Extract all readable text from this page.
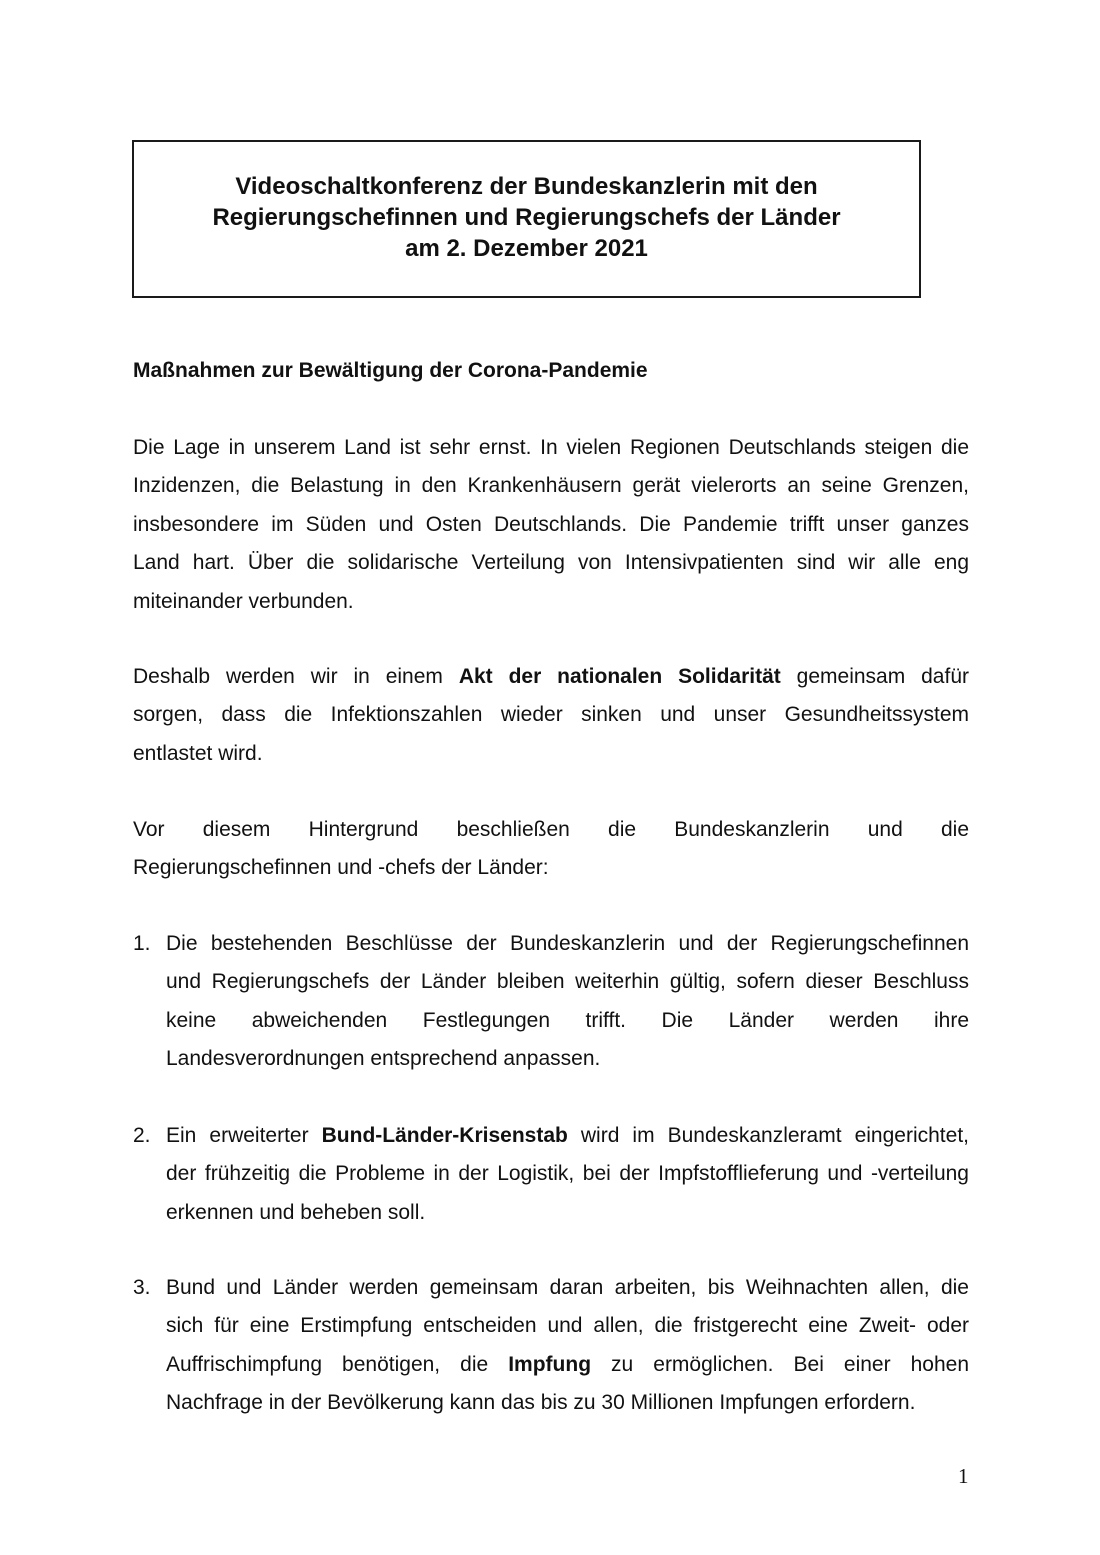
Videoschaltkonferenz der Bundeskanzlerin mit den
Regierungschefinnen und Regierungschefs der Länder
am 2. Dezember 2021
Maßnahmen zur Bewältigung der Corona-Pandemie
Die Lage in unserem Land ist sehr ernst. In vielen Regionen Deutschlands steigen die
Inzidenzen, die Belastung in den Krankenhäusern gerät vielerorts an seine Grenzen,
insbesondere im Süden und Osten Deutschlands. Die Pandemie trifft unser ganzes
Land hart. Über die solidarische Verteilung von Intensivpatienten sind wir alle eng
miteinander verbunden.
Deshalb werden wir in einem Akt der nationalen Solidarität gemeinsam dafür
sorgen, dass die Infektionszahlen wieder sinken und unser Gesundheitssystem
entlastet wird.
Vor diesem Hintergrund beschließen die Bundeskanzlerin und die
Regierungschefinnen und -chefs der Länder:
1. Die bestehenden Beschlüsse der Bundeskanzlerin und der Regierungschefinnen
und Regierungschefs der Länder bleiben weiterhin gültig, sofern dieser Beschluss
keine abweichenden Festlegungen trifft. Die Länder werden ihre
Landesverordnungen entsprechend anpassen.
2. Ein erweiterter Bund-Länder-Krisenstab wird im Bundeskanzleramt eingerichtet,
der frühzeitig die Probleme in der Logistik, bei der Impfstofflieferung und -verteilung
erkennen und beheben soll.
3. Bund und Länder werden gemeinsam daran arbeiten, bis Weihnachten allen, die
sich für eine Erstimpfung entscheiden und allen, die fristgerecht eine Zweit- oder
Auffrischimpfung benötigen, die Impfung zu ermöglichen. Bei einer hohen
Nachfrage in der Bevölkerung kann das bis zu 30 Millionen Impfungen erfordern.
1
